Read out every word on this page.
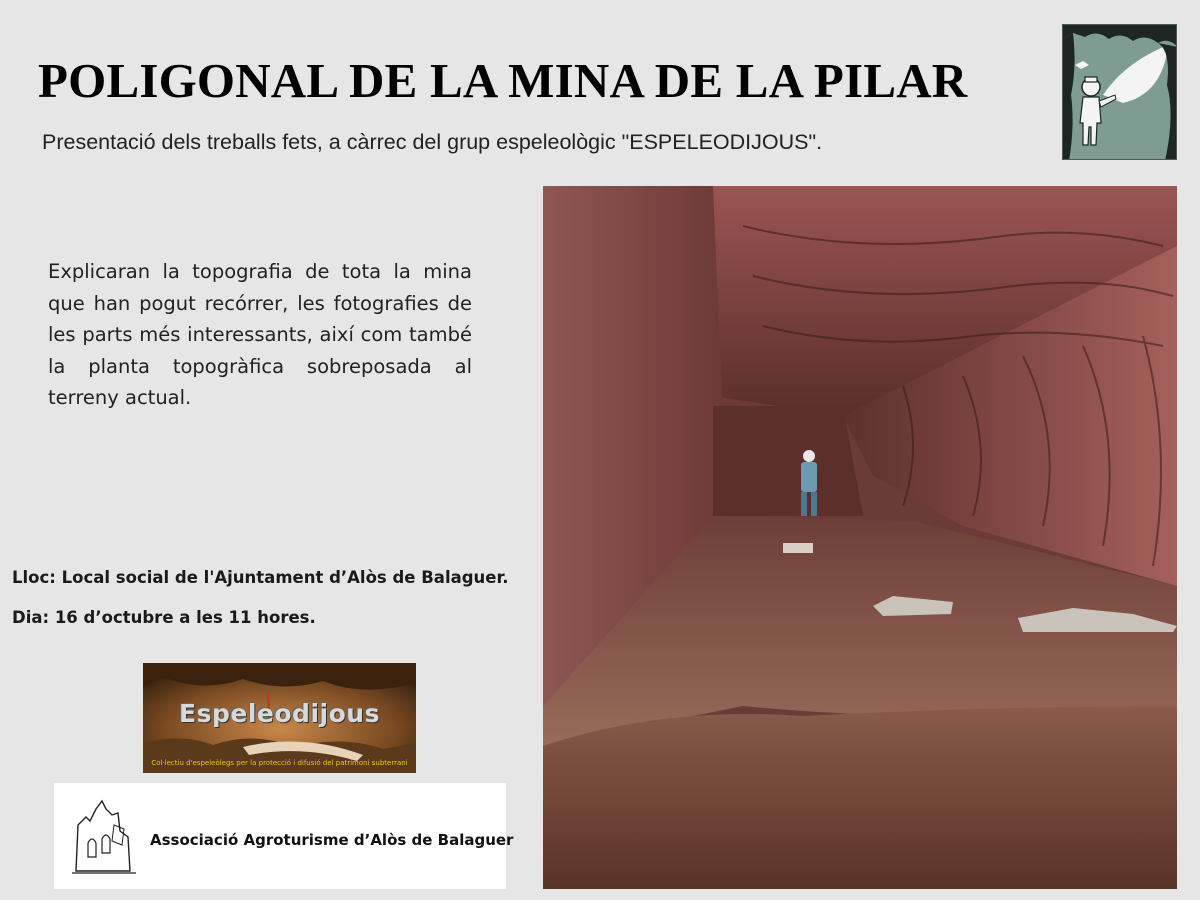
POLIGONAL DE LA MINA DE LA PILAR
Presentació dels treballs fets, a càrrec del grup espeleològic "ESPELEODIJOUS".
Explicaran la topografia de tota la mina que han pogut recórrer, les fotografies de les parts més interessants, així com també la planta topogràfica sobreposada al terreny actual.
Lloc: Local social de l'Ajuntament d’Alòs de Balaguer.
Dia: 16 d’octubre a les 11 hores.
Espeleodijous
Col·lectiu d'espeleòlegs per la protecció i difusió del patrimoni subterrani
Associació Agroturisme d’Alòs de Balaguer
